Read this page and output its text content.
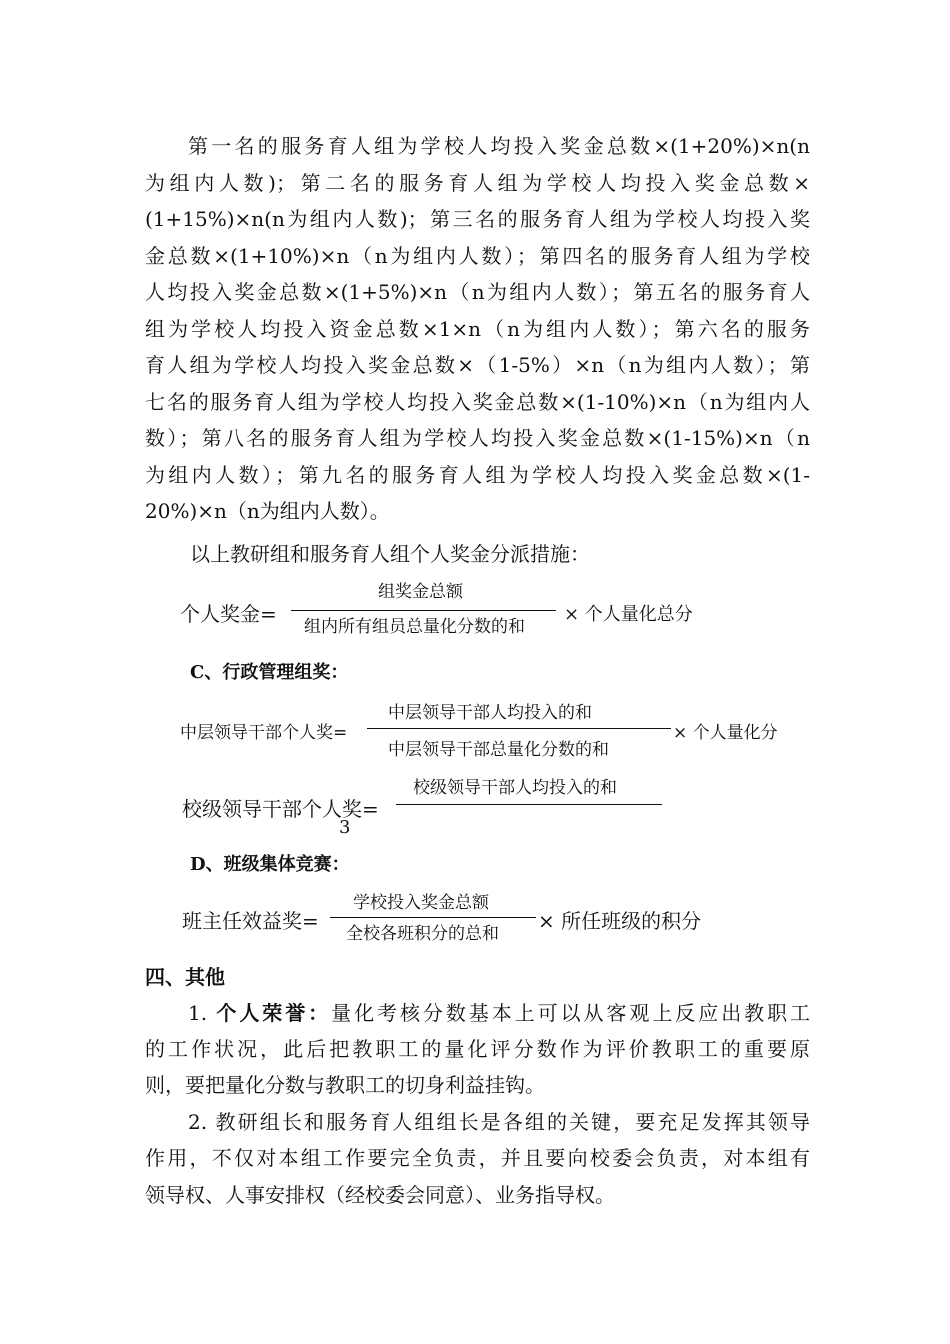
第一名的服务育人组为学校人均投入奖金总数×(1+20%)×n(n
为组内人数)；第二名的服务育人组为学校人均投入奖金总数×
(1+15%)×n(n为组内人数)；第三名的服务育人组为学校人均投入奖
金总数×(1+10%)×n（n为组内人数）；第四名的服务育人组为学校
人均投入奖金总数×(1+5%)×n（n为组内人数）；第五名的服务育人
组为学校人均投入资金总数×1×n（n为组内人数）；第六名的服务
育人组为学校人均投入奖金总数×（1-5%）×n（n为组内人数）；第
七名的服务育人组为学校人均投入奖金总数×(1-10%)×n（n为组内人
数）；第八名的服务育人组为学校人均投入奖金总数×(1-15%)×n（n
为组内人数）；第九名的服务育人组为学校人均投入奖金总数×(1-
20%)×n（n为组内人数）。
以上教研组和服务育人组个人奖金分派措施：
个人奖金=
组奖金总额
组内所有组员总量化分数的和
× 个人量化总分
C、行政管理组奖：
中层领导干部个人奖=
中层领导干部人均投入的和
中层领导干部总量化分数的和
× 个人量化分
校级领导干部个人奖=
校级领导干部人均投入的和
3
D、班级集体竞赛：
班主任效益奖=
学校投入奖金总额
全校各班积分的总和
× 所任班级的积分
四、其他
1. 个人荣誉：量化考核分数基本上可以从客观上反应出教职工
的工作状况，此后把教职工的量化评分数作为评价教职工的重要原
则，要把量化分数与教职工的切身利益挂钩。
2. 教研组长和服务育人组组长是各组的关键，要充足发挥其领导
作用，不仅对本组工作要完全负责，并且要向校委会负责，对本组有
领导权、人事安排权（经校委会同意）、业务指导权。
